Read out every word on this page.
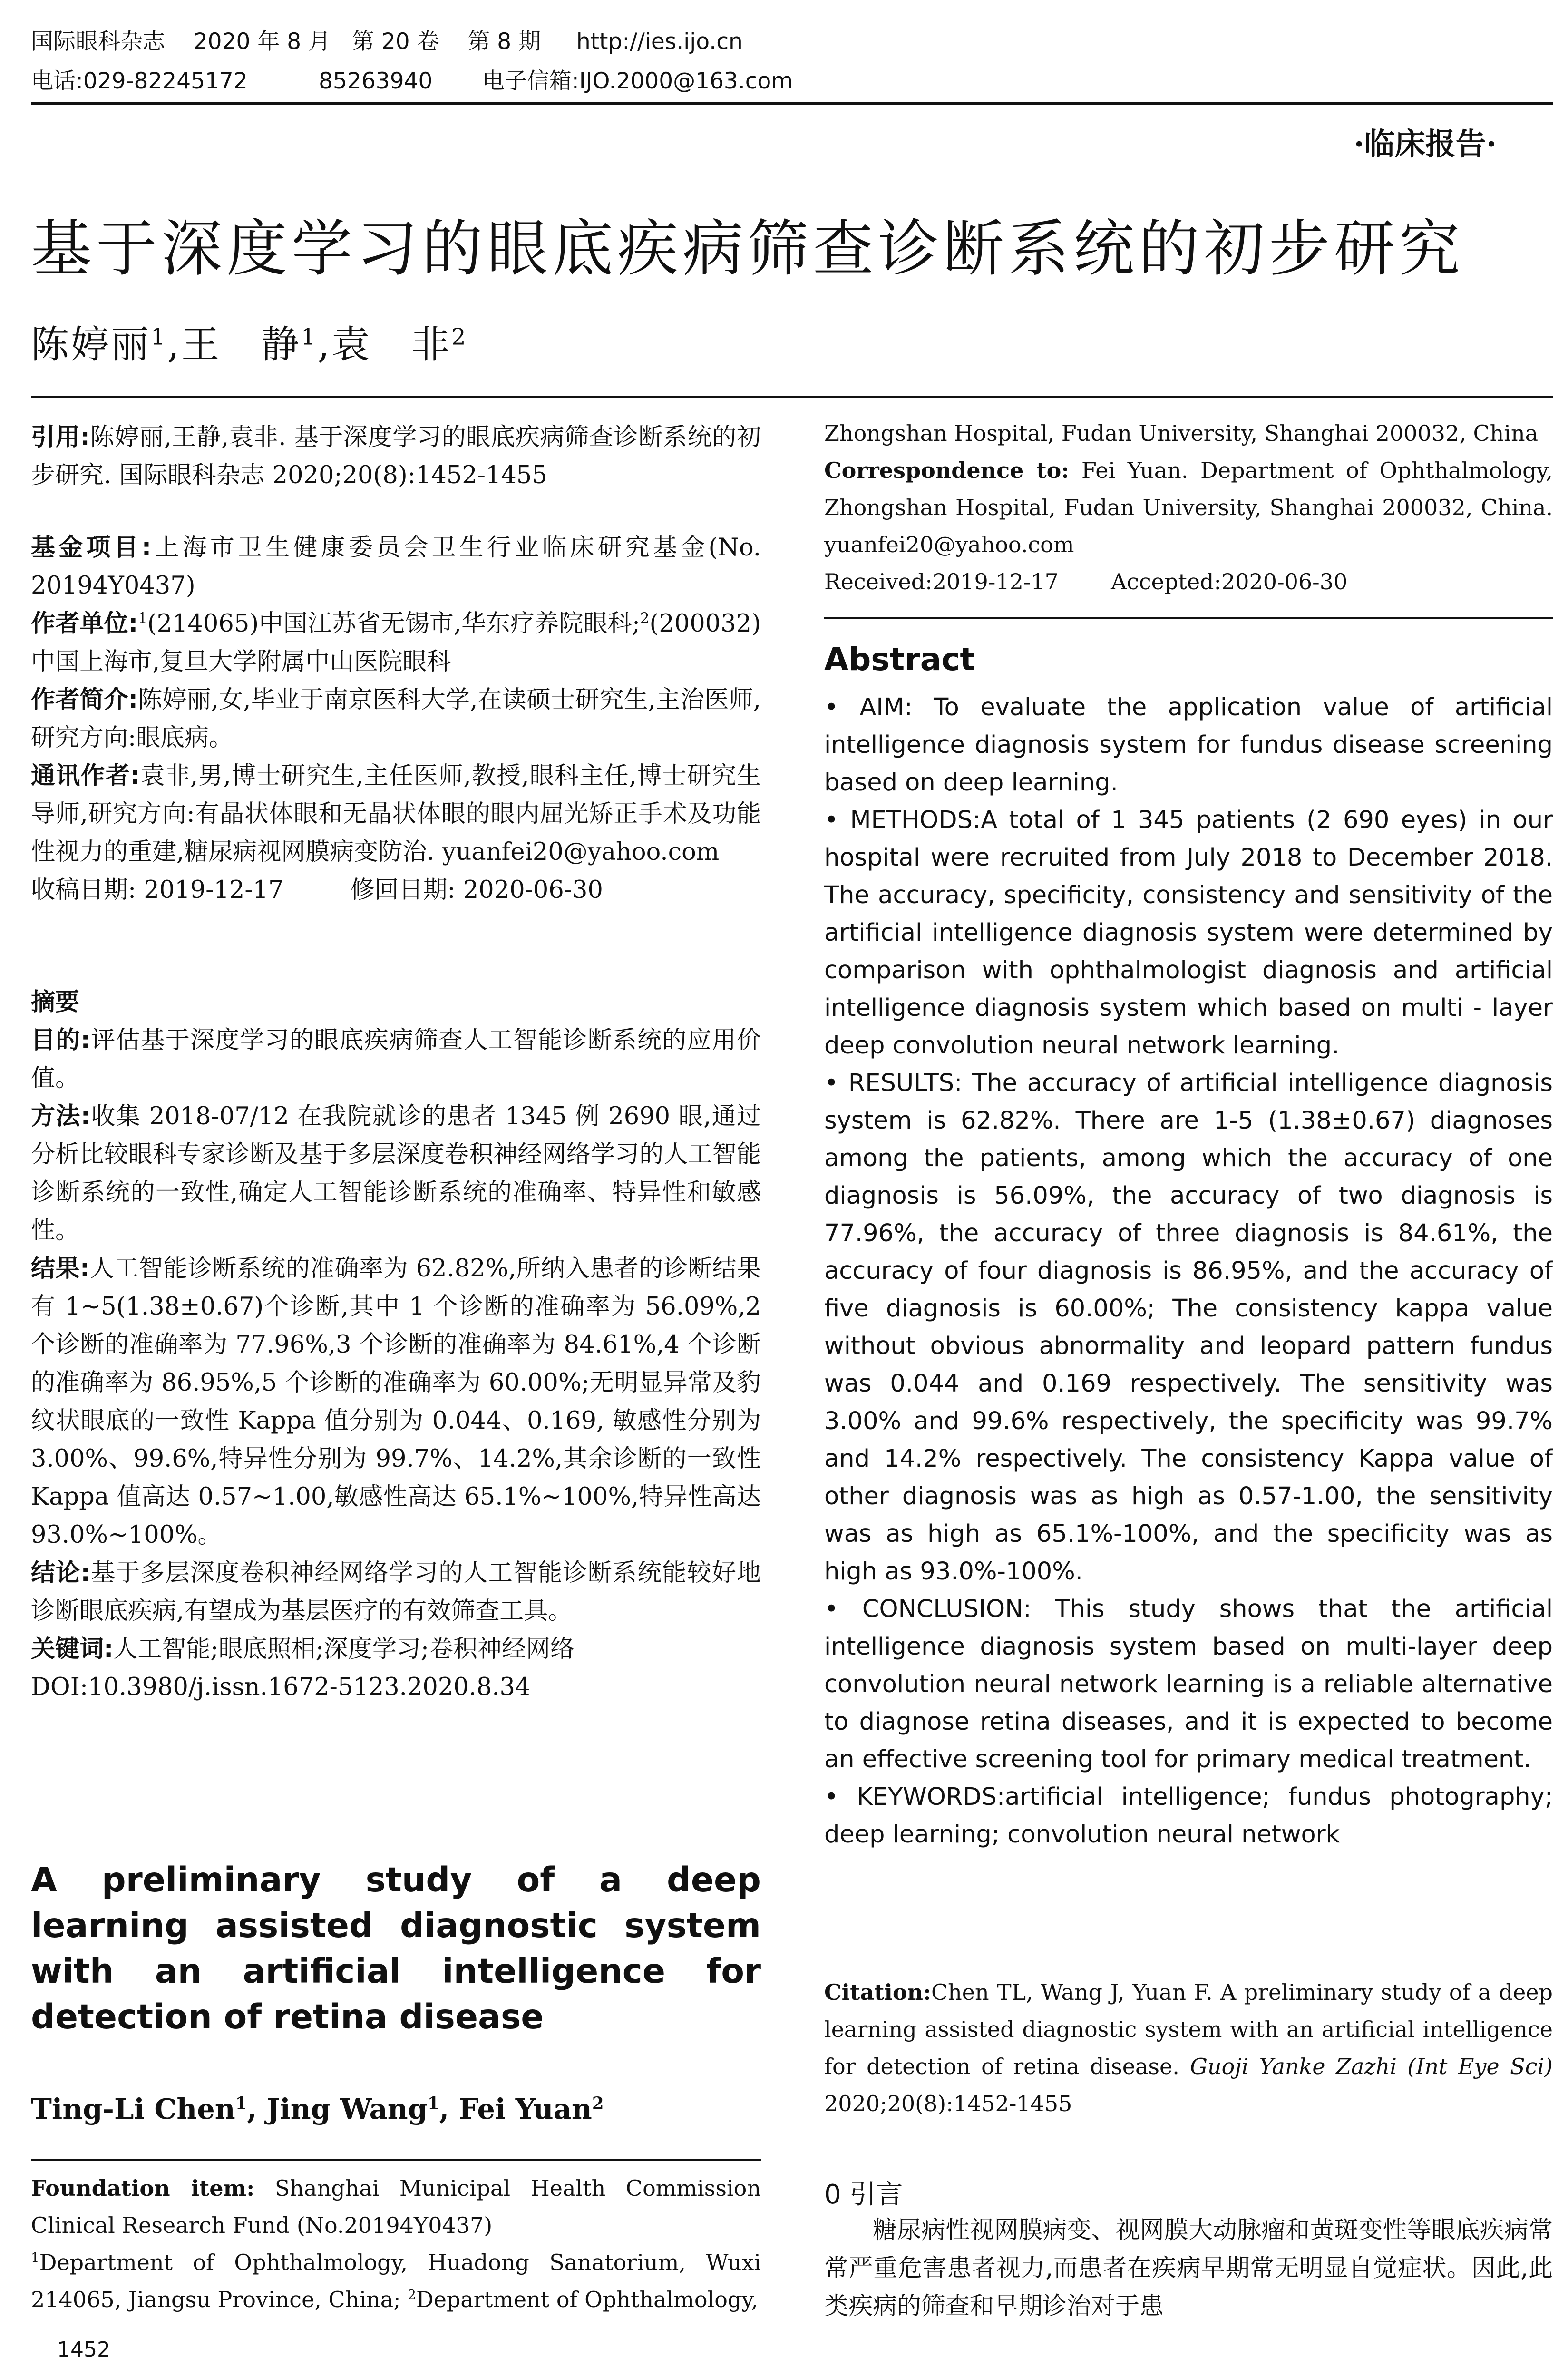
国际眼科杂志    2020 年 8 月   第 20 卷    第 8 期     http://ies.ijo.cn
电话:029-82245172          85263940       电子信箱:IJO.2000@163.com
·临床报告·
基于深度学习的眼底疾病筛查诊断系统的初步研究
陈婷丽$^1$,王　静$^1$,袁　非$^2$

引用:陈婷丽,王静,袁非. 基于深度学习的眼底疾病筛查诊断系统的初步研究. 国际眼科杂志 2020;20(8):1452-1455

基金项目:上海市卫生健康委员会卫生行业临床研究基金(No. 20194Y0437)

作者单位:$^1$(214065)中国江苏省无锡市,华东疗养院眼科;$^2$(200032)中国上海市,复旦大学附属中山医院眼科

作者简介:陈婷丽,女,毕业于南京医科大学,在读硕士研究生,主治医师,研究方向:眼底病。

通讯作者:袁非,男,博士研究生,主任医师,教授,眼科主任,博士研究生导师,研究方向:有晶状体眼和无晶状体眼的眼内屈光矫正手术及功能性视力的重建,糖尿病视网膜病变防治. yuanfei20@yahoo.com

收稿日期: 2019-12-17	修回日期: 2020-06-30

摘要

目的:评估基于深度学习的眼底疾病筛查人工智能诊断系统的应用价值。

方法:收集 2018-07/12 在我院就诊的患者 1345 例 2690 眼,通过分析比较眼科专家诊断及基于多层深度卷积神经网络学习的人工智能诊断系统的一致性,确定人工智能诊断系统的准确率、特异性和敏感性。

结果:人工智能诊断系统的准确率为 62.82%,所纳入患者的诊断结果有 1~5(1.38±0.67)个诊断,其中 1 个诊断的准确率为 56.09%,2 个诊断的准确率为 77.96%,3 个诊断的准确率为 84.61%,4 个诊断的准确率为 86.95%,5 个诊断的准确率为 60.00%;无明显异常及豹纹状眼底的一致性 Kappa 值分别为 0.044、0.169, 敏感性分别为 3.00%、99.6%,特异性分别为 99.7%、14.2%,其余诊断的一致性 Kappa 值高达 0.57~1.00,敏感性高达 65.1%~100%,特异性高达 93.0%~100%。

结论:基于多层深度卷积神经网络学习的人工智能诊断系统能较好地诊断眼底疾病,有望成为基层医疗的有效筛查工具。

关键词:人工智能;眼底照相;深度学习;卷积神经网络

DOI:10.3980/j.issn.1672-5123.2020.8.34

A preliminary study of a deep learning assisted diagnostic system with an artificial intelligence for detection of retina disease
Ting-Li Chen$^1$, Jing Wang$^1$, Fei Yuan$^2$

Foundation item: Shanghai Municipal Health Commission Clinical Research Fund (No.20194Y0437)

$^1$Department of Ophthalmology, Huadong Sanatorium, Wuxi 214065, Jiangsu Province, China; $^2$Department of Ophthalmology,

1452

Zhongshan Hospital, Fudan University, Shanghai 200032, China

Correspondence to: Fei Yuan. Department of Ophthalmology, Zhongshan Hospital, Fudan University, Shanghai 200032, China. yuanfei20@yahoo.com

Received:2019-12-17 Accepted:2020-06-30

Abstract

• AIM: To evaluate the application value of artificial intelligence diagnosis system for fundus disease screening based on deep learning.

• METHODS:A total of 1 345 patients (2 690 eyes) in our hospital were recruited from July 2018 to December 2018. The accuracy, specificity, consistency and sensitivity of the artificial intelligence diagnosis system were determined by comparison with ophthalmologist diagnosis and artificial intelligence diagnosis system which based on multi - layer deep convolution neural network learning.

• RESULTS: The accuracy of artificial intelligence diagnosis system is 62.82%. There are 1-5 (1.38±0.67) diagnoses among the patients, among which the accuracy of one diagnosis is 56.09%, the accuracy of two diagnosis is 77.96%, the accuracy of three diagnosis is 84.61%, the accuracy of four diagnosis is 86.95%, and the accuracy of five diagnosis is 60.00%; The consistency kappa value without obvious abnormality and leopard pattern fundus was 0.044 and 0.169 respectively. The sensitivity was 3.00% and 99.6% respectively, the specificity was 99.7% and 14.2% respectively. The consistency Kappa value of other diagnosis was as high as 0.57-1.00, the sensitivity was as high as 65.1%-100%, and the specificity was as high as 93.0%-100%.

• CONCLUSION: This study shows that the artificial intelligence diagnosis system based on multi-layer deep convolution neural network learning is a reliable alternative to diagnose retina diseases, and it is expected to become an effective screening tool for primary medical treatment.

• KEYWORDS:artificial intelligence; fundus photography; deep learning; convolution neural network

Citation:Chen TL, Wang J, Yuan F. A preliminary study of a deep learning assisted diagnostic system with an artificial intelligence for detection of retina disease. Guoji Yanke Zazhi (Int Eye Sci) 2020;20(8):1452-1455

0 引言

糖尿病性视网膜病变、视网膜大动脉瘤和黄斑变性等眼底疾病常常严重危害患者视力,而患者在疾病早期常无明显自觉症状。因此,此类疾病的筛查和早期诊治对于患
